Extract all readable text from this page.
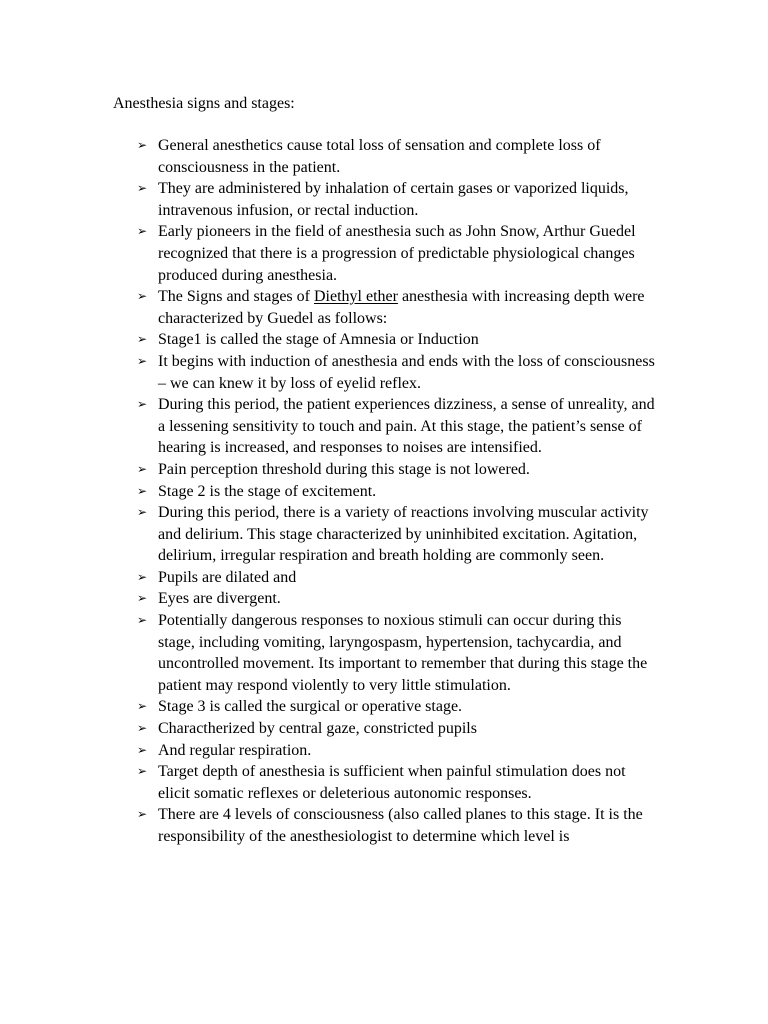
Anesthesia signs and stages:
➢ General anesthetics cause total loss of sensation and complete loss of consciousness in the patient.
➢ They are administered by inhalation of certain gases or vaporized liquids, intravenous infusion, or rectal induction.
➢ Early pioneers in the field of anesthesia such as John Snow, Arthur Guedel recognized that there is a progression of predictable physiological changes produced during anesthesia.
➢ The Signs and stages of Diethyl ether anesthesia with increasing depth were characterized by Guedel as follows:
➢ Stage1 is called the stage of Amnesia or Induction
➢ It begins with induction of anesthesia and ends with the loss of consciousness – we can knew it by loss of eyelid reflex.
➢ During this period, the patient experiences dizziness, a sense of unreality, and a lessening sensitivity to touch and pain. At this stage, the patient’s sense of hearing is increased, and responses to noises are intensified.
➢ Pain perception threshold during this stage is not lowered.
➢ Stage 2 is the stage of excitement.
➢ During this period, there is a variety of reactions involving muscular activity and delirium. This stage characterized by uninhibited excitation. Agitation, delirium, irregular respiration and breath holding are commonly seen.
➢ Pupils are dilated and
➢ Eyes are divergent.
➢ Potentially dangerous responses to noxious stimuli can occur during this stage, including vomiting, laryngospasm, hypertension, tachycardia, and uncontrolled movement. Its important to remember that during this stage the patient may respond violently to very little stimulation.
➢ Stage 3 is called the surgical or operative stage.
➢ Charactherized by central gaze, constricted pupils
➢ And regular respiration.
➢ Target depth of anesthesia is sufficient when painful stimulation does not elicit somatic reflexes or deleterious autonomic responses.
➢ There are 4 levels of consciousness (also called planes to this stage. It is the responsibility of the anesthesiologist to determine which level is
